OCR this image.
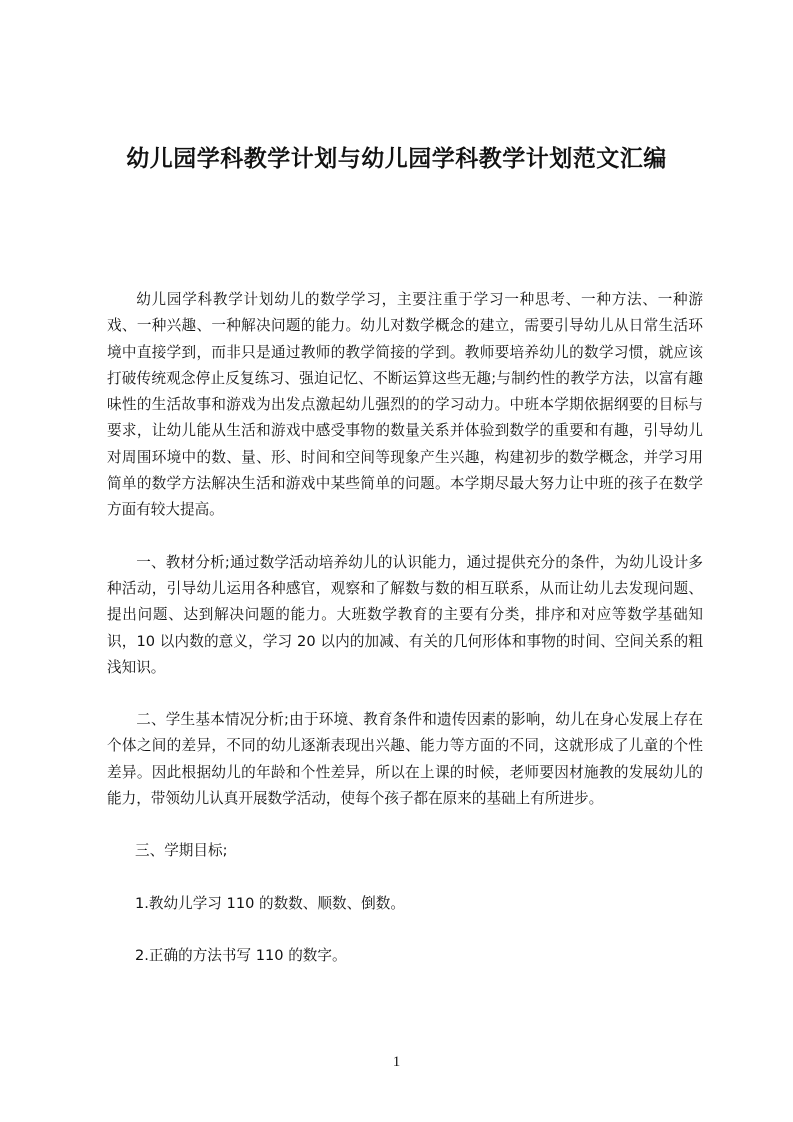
幼儿园学科教学计划与幼儿园学科教学计划范文汇编

幼儿园学科教学计划幼儿的数学学习，主要注重于学习一种思考、一种方法、一种游戏、一种兴趣、一种解决问题的能力。幼儿对数学概念的建立，需要引导幼儿从日常生活环境中直接学到，而非只是通过教师的教学简接的学到。教师要培养幼儿的数学习惯，就应该打破传统观念停止反复练习、强迫记忆、不断运算这些无趣;与制约性的教学方法，以富有趣味性的生活故事和游戏为出发点激起幼儿强烈的的学习动力。中班本学期依据纲要的目标与要求，让幼儿能从生活和游戏中感受事物的数量关系并体验到数学的重要和有趣，引导幼儿对周围环境中的数、量、形、时间和空间等现象产生兴趣，构建初步的数学概念，并学习用简单的数学方法解决生活和游戏中某些简单的问题。本学期尽最大努力让中班的孩子在数学方面有较大提高。

一、教材分析;通过数学活动培养幼儿的认识能力，通过提供充分的条件，为幼儿设计多种活动，引导幼儿运用各种感官，观察和了解数与数的相互联系，从而让幼儿去发现问题、提出问题、达到解决问题的能力。大班数学教育的主要有分类，排序和对应等数学基础知识，10 以内数的意义，学习 20 以内的加减、有关的几何形体和事物的时间、空间关系的粗浅知识。

二、学生基本情况分析;由于环境、教育条件和遗传因素的影响，幼儿在身心发展上存在个体之间的差异，不同的幼儿逐渐表现出兴趣、能力等方面的不同，这就形成了儿童的个性差异。因此根据幼儿的年龄和个性差异，所以在上课的时候，老师要因材施教的发展幼儿的能力，带领幼儿认真开展数学活动，使每个孩子都在原来的基础上有所进步。

三、学期目标;

1.教幼儿学习 110 的数数、顺数、倒数。

2.正确的方法书写 110 的数字。

1
